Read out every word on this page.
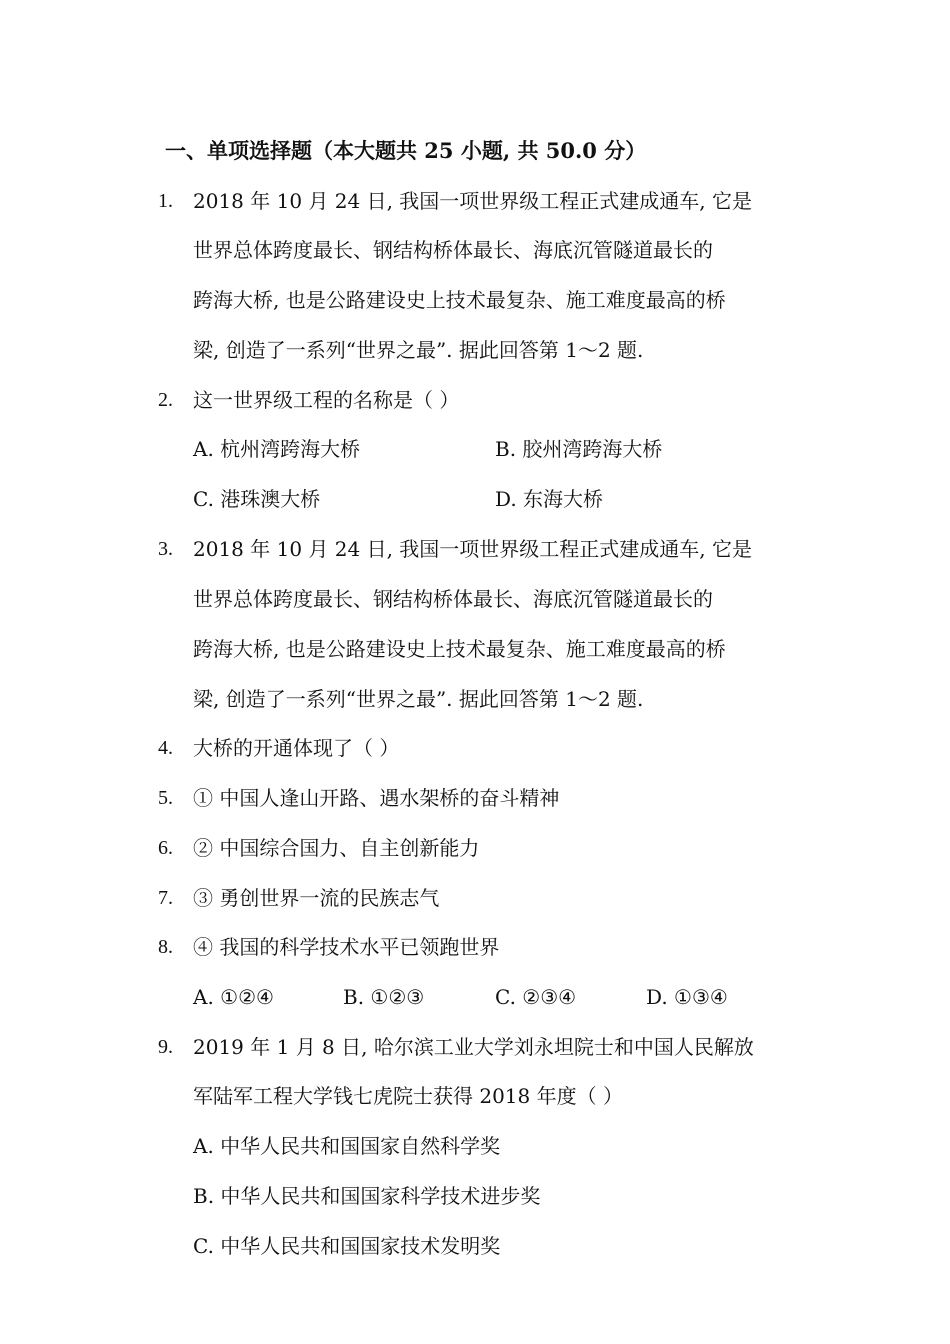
一、单项选择题（本大题共 25 小题, 共 50.0 分）
1.	2018 年 10 月 24 日, 我国一项世界级工程正式建成通车, 它是
世界总体跨度最长、钢结构桥体最长、海底沉管隧道最长的
跨海大桥, 也是公路建设史上技术最复杂、施工难度最高的桥
梁, 创造了一系列“世界之最”. 据此回答第 1～2 题.
2.	这一世界级工程的名称是（ ）
A. 杭州湾跨海大桥	B. 胶州湾跨海大桥
C. 港珠澳大桥	D. 东海大桥
3.	2018 年 10 月 24 日, 我国一项世界级工程正式建成通车, 它是
世界总体跨度最长、钢结构桥体最长、海底沉管隧道最长的
跨海大桥, 也是公路建设史上技术最复杂、施工难度最高的桥
梁, 创造了一系列“世界之最”. 据此回答第 1～2 题.
4.	大桥的开通体现了（ ）
5.	① 中国人逢山开路、遇水架桥的奋斗精神
6.	② 中国综合国力、自主创新能力
7.	③ 勇创世界一流的民族志气
8.	④ 我国的科学技术水平已领跑世界
A. ①②④	B. ①②③	C. ②③④	D. ①③④
9.	2019 年 1 月 8 日, 哈尔滨工业大学刘永坦院士和中国人民解放
军陆军工程大学钱七虎院士获得 2018 年度（ ）
A. 中华人民共和国国家自然科学奖
B. 中华人民共和国国家科学技术进步奖
C. 中华人民共和国国家技术发明奖
